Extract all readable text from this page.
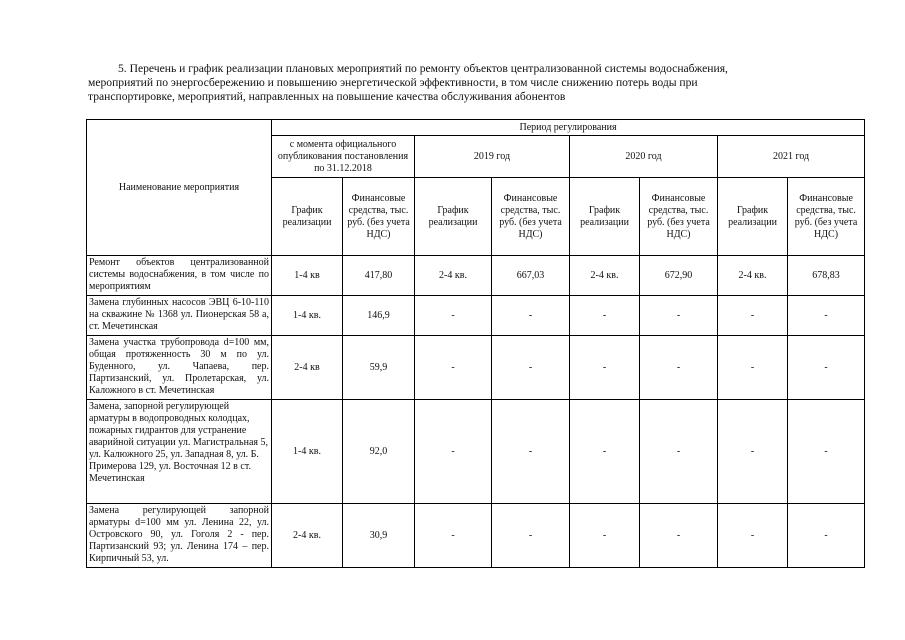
5. Перечень и график реализации плановых мероприятий по ремонту объектов централизованной системы водоснабжения,

мероприятий по энергосбережению и повышению энергетической эффективности, в том числе снижению потерь воды при

транспортировке, мероприятий, направленных на повышение качества обслуживания абонентов

Наименование мероприятия	Период регулирования							
	с момента официального опубликования постановления по 31.12.2018		2019 год		2020 год		2021 год	
	График реализации	Финансовые средства, тыс. руб. (без учета НДС)	График реализации	Финансовые средства, тыс. руб. (без учета НДС)	График реализации	Финансовые средства, тыс. руб. (без учета НДС)	График реализации	Финансовые средства, тыс. руб. (без учета НДС)
Ремонт объектов централизованной системы водоснабжения, в том числе по мероприятиям	1-4 кв	417,80	2-4 кв.	667,03	2-4 кв.	672,90	2-4 кв.	678,83
Замена глубинных насосов ЭВЦ 6-10-110 на скважине № 1368 ул. Пионерская 58 а, ст. Мечетинская	1-4 кв.	146,9	-	-	-	-	-	-
Замена участка трубопровода d=100 мм, общая протяженность 30 м по ул. Буденного, ул. Чапаева, пер. Партизанский, ул. Пролетарская, ул. Каложного в ст. Мечетинская	2-4 кв	59,9	-	-	-	-	-	-
Замена, запорной регулирующей арматуры в водопроводных колодцах, пожарных гидрантов для устранение аварийной ситуации ул. Магистральная 5, ул. Калюжного 25, ул. Западная 8, ул. Б. Примерова 129, ул. Восточная 12 в ст. Мечетинская	1-4 кв.	92,0	-	-	-	-	-	-
Замена регулирующей запорной арматуры d=100 мм ул. Ленина 22, ул. Островского 90, ул. Гоголя 2 - пер. Партизанский 93; ул. Ленина 174 – пер. Кирпичный 53, ул.	2-4 кв.	30,9	-	-	-	-	-	-
